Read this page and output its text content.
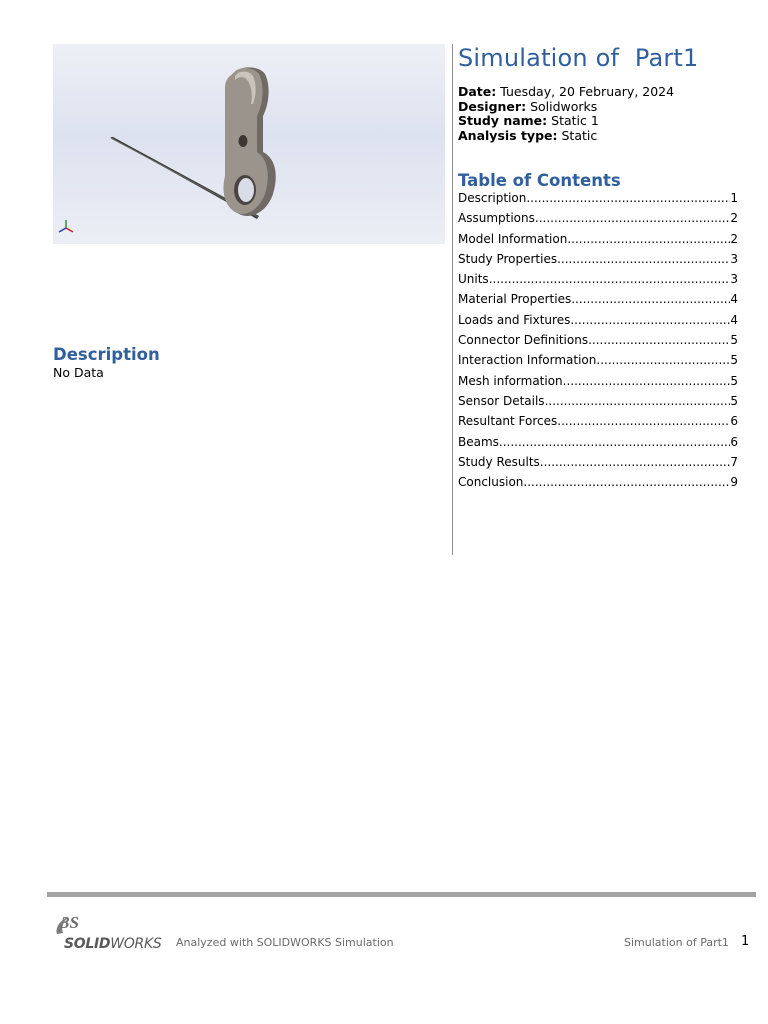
Simulation of  Part1
Date: Tuesday, 20 February, 2024
Designer: Solidworks
Study name: Static 1
Analysis type: Static
Table of Contents
Description .....	1
Assumptions .....	2
Model Information .....	2
Study Properties .....	3
Units .....	3
Material Properties .....	4
Loads and Fixtures .....	4
Connector Definitions .....	5
Interaction Information .....	5
Mesh information .....	5
Sensor Details .....	5
Resultant Forces .....	6
Beams .....	6
Study Results .....	7
Conclusion .....	9
Description
No Data
3S
SOLIDWORKS Analyzed with SOLIDWORKS Simulation	Simulation of Part1 1
